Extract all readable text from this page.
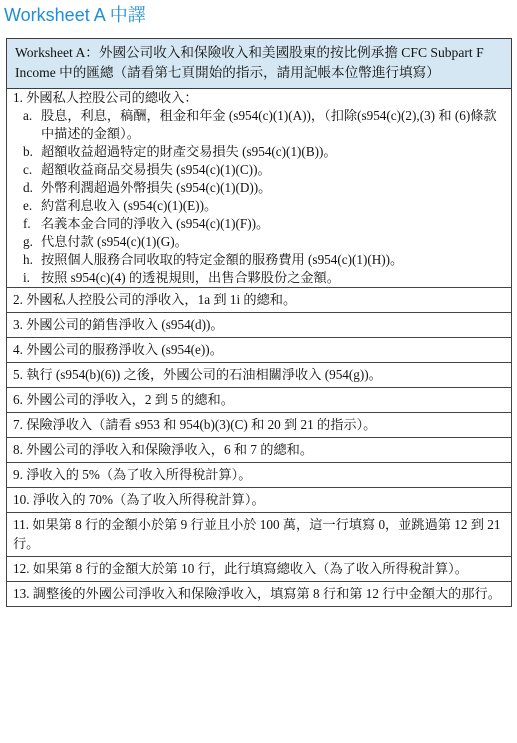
Worksheet A 中譯
Worksheet A：外國公司收入和保險收入和美國股東的按比例承擔 CFC Subpart F Income 中的匯總（請看第七頁開始的指示，請用記帳本位幣進行填寫）

1. 外國私人控股公司的總收入：
a. 股息，利息，稿酬，租金和年金 (s954(c)(1)(A))，（扣除(s954(c)(2),(3) 和 (6)條款中描述的金額）。
b. 超額收益超過特定的財產交易損失 (s954(c)(1)(B))。
c. 超額收益商品交易損失 (s954(c)(1)(C))。
d. 外幣利潤超過外幣損失 (s954(c)(1)(D))。
e. 約當利息收入 (s954(c)(1)(E))。
f. 名義本金合同的淨收入 (s954(c)(1)(F))。
g. 代息付款 (s954(c)(1)(G)。
h. 按照個人服務合同收取的特定金額的服務費用 (s954(c)(1)(H))。
i. 按照 s954(c)(4) 的透視規則，出售合夥股份之金額。

2. 外國私人控股公司的淨收入，1a 到 1i 的總和。
3. 外國公司的銷售淨收入 (s954(d))。
4. 外國公司的服務淨收入 (s954(e))。
5. 執行 (s954(b)(6)) 之後，外國公司的石油相關淨收入 (954(g))。
6. 外國公司的淨收入，2 到 5 的總和。
7. 保險淨收入（請看 s953 和 954(b)(3)(C) 和 20 到 21 的指示）。
8. 外國公司的淨收入和保險淨收入，6 和 7 的總和。
9. 淨收入的 5%（為了收入所得稅計算）。
10. 淨收入的 70%（為了收入所得稅計算）。
11. 如果第 8 行的金額小於第 9 行並且小於 100 萬，這一行填寫 0，並跳過第 12 到 21 行。
12. 如果第 8 行的金額大於第 10 行，此行填寫總收入（為了收入所得稅計算）。
13. 調整後的外國公司淨收入和保險淨收入，填寫第 8 行和第 12 行中金額大的那行。
